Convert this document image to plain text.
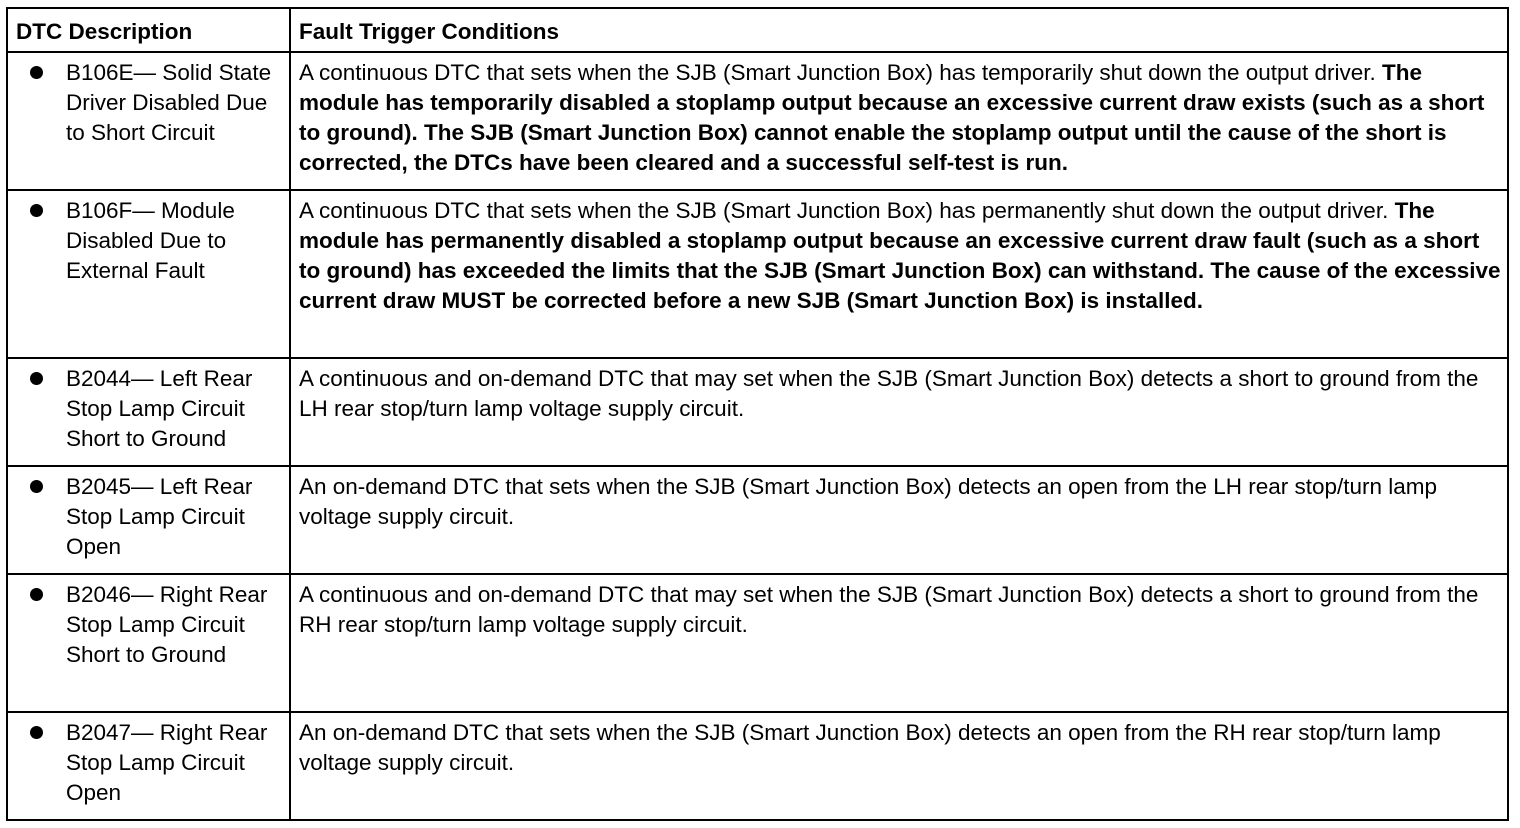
DTC Description	Fault Trigger Conditions

B106E— Solid State Driver Disabled Due to Short Circuit	A continuous DTC that sets when the SJB (Smart Junction Box) has temporarily shut down the output driver. The module has temporarily disabled a stoplamp output because an excessive current draw exists (such as a short to ground). The SJB (Smart Junction Box) cannot enable the stoplamp output until the cause of the short is corrected, the DTCs have been cleared and a successful self-test is run.

B106F— Module Disabled Due to External Fault	A continuous DTC that sets when the SJB (Smart Junction Box) has permanently shut down the output driver. The module has permanently disabled a stoplamp output because an excessive current draw fault (such as a short to ground) has exceeded the limits that the SJB (Smart Junction Box) can withstand. The cause of the excessive current draw MUST be corrected before a new SJB (Smart Junction Box) is installed.

B2044— Left Rear Stop Lamp Circuit Short to Ground	A continuous and on-demand DTC that may set when the SJB (Smart Junction Box) detects a short to ground from the LH rear stop/turn lamp voltage supply circuit.

B2045— Left Rear Stop Lamp Circuit Open	An on-demand DTC that sets when the SJB (Smart Junction Box) detects an open from the LH rear stop/turn lamp voltage supply circuit.

B2046— Right Rear Stop Lamp Circuit Short to Ground	A continuous and on-demand DTC that may set when the SJB (Smart Junction Box) detects a short to ground from the RH rear stop/turn lamp voltage supply circuit.

B2047— Right Rear Stop Lamp Circuit Open	An on-demand DTC that sets when the SJB (Smart Junction Box) detects an open from the RH rear stop/turn lamp voltage supply circuit.
